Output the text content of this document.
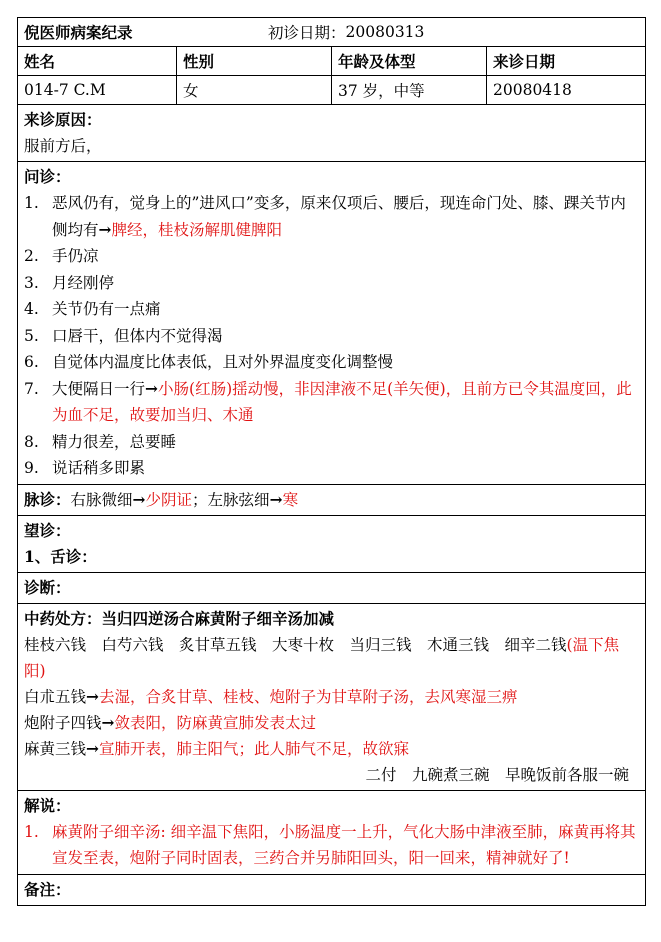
倪医师病案纪录	初诊日期： 20080313
姓名	性别	年龄及体型	来诊日期
014-7 C.M	女	37 岁，中等	20080418
来诊原因：
服前方后，
问诊：
1. 恶风仍有，觉身上的”进风口”变多，原来仅项后、腰后，现连命门处、膝、踝关节内侧均有→脾经，桂枝汤解肌健脾阳
2. 手仍凉
3. 月经刚停
4. 关节仍有一点痛
5. 口唇干，但体内不觉得渴
6. 自觉体内温度比体表低，且对外界温度变化调整慢
7. 大便隔日一行→小肠(红肠)揺动慢，非因津液不足(羊矢便)，且前方已令其温度回，此为血不足，故要加当归、木通
8. 精力很差，总要睡
9. 说话稍多即累
脉诊：右脉微细→少阴证；左脉弦细→寒
望诊：
1、舌诊：
诊断：
中药处方：当归四逆汤合麻黄附子细辛汤加减
桂枝六钱　白芍六钱　炙甘草五钱　大枣十枚　当归三钱　木通三钱　细辛二钱(温下焦阳)
白朮五钱→去湿，合炙甘草、桂枝、炮附子为甘草附子汤，去风寒湿三痹
炮附子四钱→敛表阳，防麻黄宣肺发表太过
麻黄三钱→宣肺开表，肺主阳气；此人肺气不足，故欲寐
二付　九碗煮三碗　早晚饭前各服一碗
解说：
1. 麻黄附子细辛汤: 细辛温下焦阳，小肠温度一上升，气化大肠中津液至肺，麻黄再将其宣发至表，炮附子同时固表，三药合并另肺阳回头，阳一回来，精神就好了!
备注：
